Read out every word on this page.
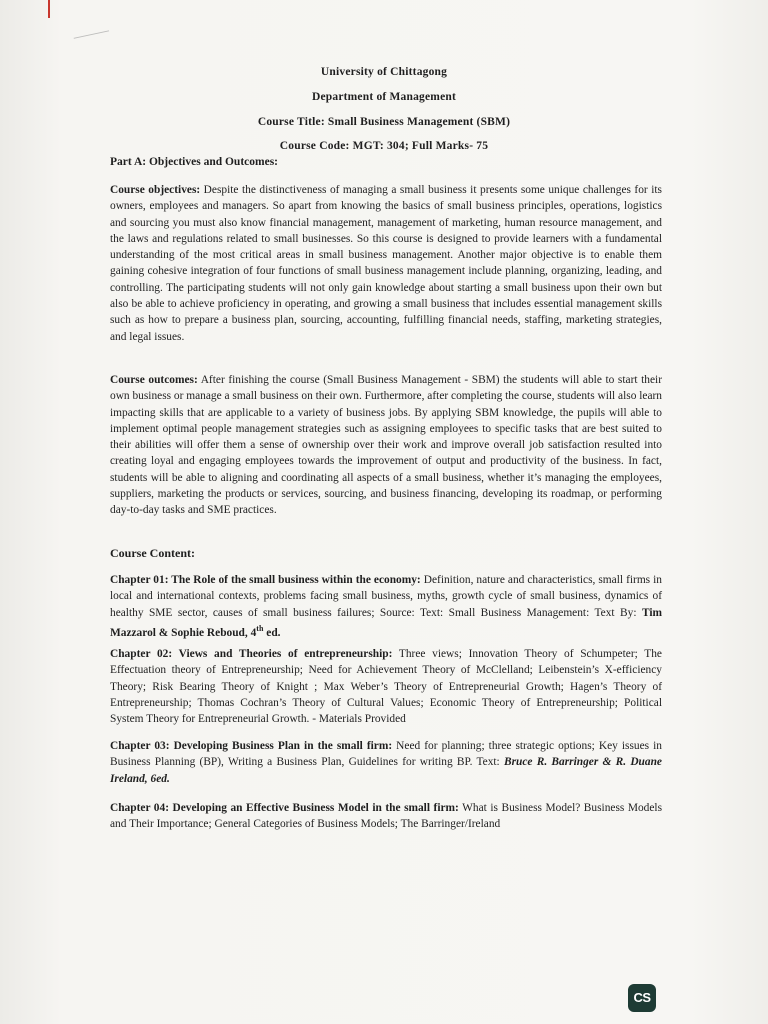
University of Chittagong
Department of Management
Course Title: Small Business Management (SBM)
Course Code: MGT: 304; Full Marks- 75
Part A: Objectives and Outcomes:

Course objectives: Despite the distinctiveness of managing a small business it presents some unique challenges for its owners, employees and managers. So apart from knowing the basics of small business principles, operations, logistics and sourcing you must also know financial management, management of marketing, human resource management, and the laws and regulations related to small businesses. So this course is designed to provide learners with a fundamental understanding of the most critical areas in small business management. Another major objective is to enable them gaining cohesive integration of four functions of small business management include planning, organizing, leading, and controlling. The participating students will not only gain knowledge about starting a small business upon their own but also be able to achieve proficiency in operating, and growing a small business that includes essential management skills such as how to prepare a business plan, sourcing, accounting, fulfilling financial needs, staffing, marketing strategies, and legal issues.

Course outcomes: After finishing the course (Small Business Management - SBM) the students will able to start their own business or manage a small business on their own. Furthermore, after completing the course, students will also learn impacting skills that are applicable to a variety of business jobs. By applying SBM knowledge, the pupils will able to implement optimal people management strategies such as assigning employees to specific tasks that are best suited to their abilities will offer them a sense of ownership over their work and improve overall job satisfaction resulted into creating loyal and engaging employees towards the improvement of output and productivity of the business. In fact, students will be able to aligning and coordinating all aspects of a small business, whether it’s managing the employees, suppliers, marketing the products or services, sourcing, and business financing, developing its roadmap, or performing day-to-day tasks and SME practices.

Course Content:

Chapter 01: The Role of the small business within the economy: Definition, nature and characteristics, small firms in local and international contexts, problems facing small business, myths, growth cycle of small business, dynamics of healthy SME sector, causes of small business failures; Source: Text: Small Business Management: Text By: Tim Mazzarol & Sophie Reboud, 4th ed.

Chapter 02: Views and Theories of entrepreneurship: Three views; Innovation Theory of Schumpeter; The Effectuation theory of Entrepreneurship; Need for Achievement Theory of McClelland; Leibenstein’s X-efficiency Theory; Risk Bearing Theory of Knight ; Max Weber’s Theory of Entrepreneurial Growth; Hagen’s Theory of Entrepreneurship; Thomas Cochran’s Theory of Cultural Values; Economic Theory of Entrepreneurship; Political System Theory for Entrepreneurial Growth. - Materials Provided

Chapter 03: Developing Business Plan in the small firm: Need for planning; three strategic options; Key issues in Business Planning (BP), Writing a Business Plan, Guidelines for writing BP. Text: Bruce R. Barringer & R. Duane Ireland, 6ed.

Chapter 04: Developing an Effective Business Model in the small firm: What is Business Model? Business Models and Their Importance; General Categories of Business Models; The Barringer/Ireland

CS
